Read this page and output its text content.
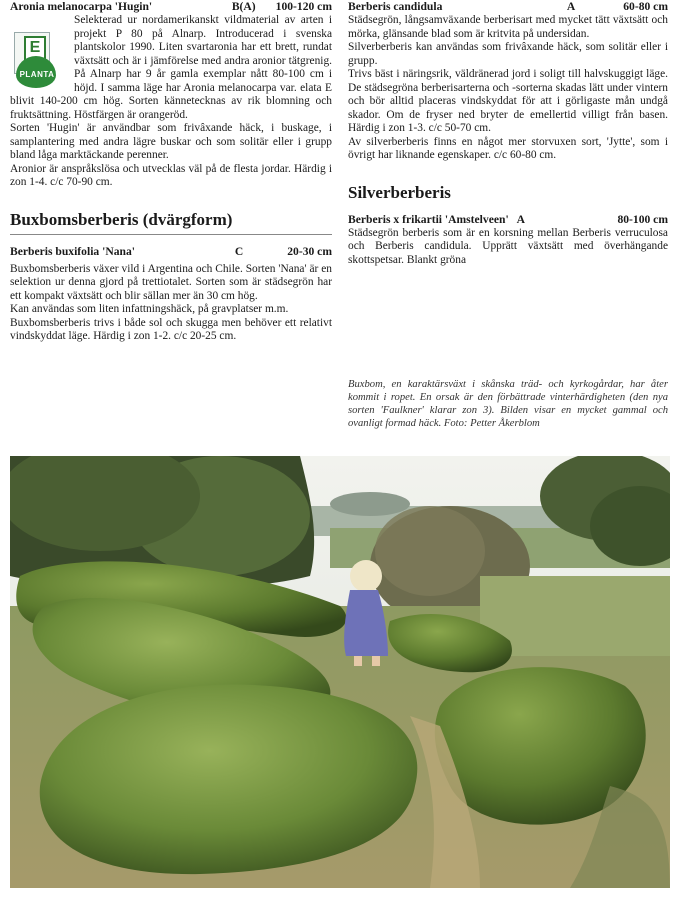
Aronia melanocarpa 'Hugin'	B(A) 100-120 cm
E
PLANTA

Selekterad ur nordamerikanskt vildmaterial av arten i projekt P 80 på Alnarp. Introducerad i svenska plantskolor 1990. Liten svartaronia har ett brett, rundat växtsätt och är i jämförelse med andra aronior tätgrenig. På Alnarp har 9 år gamla exemplar nått 80-100 cm i höjd. I samma läge har Aronia melanocarpa var. elata E blivit 140-200 cm hög. Sorten kännetecknas av rik blomning och fruktsättning. Höstfärgen är orangeröd.

Sorten 'Hugin' är användbar som frivâxande häck, i buskage, i samplantering med andra lägre buskar och som solitär eller i grupp bland låga marktäckande perenner.

Aronior är anspråkslösa och utvecklas väl på de flesta jordar. Härdig i zon 1-4. c/c 70-90 cm.

Buxbomsberberis (dvärgform)
Berberis buxifolia 'Nana'	C	20-30 cm

Buxbomsberberis växer vild i Argentina och Chile. Sorten 'Nana' är en selektion ur denna gjord på trettiotalet. Sorten som är städsegrön har ett kompakt växtsätt och blir sällan mer än 30 cm hög.

Kan användas som liten infattningshäck, på gravplatser m.m.

Buxbomsberberis trivs i både sol och skugga men behöver ett relativt vindskyddat läge. Härdig i zon 1-2. c/c 20-25 cm.

Berberis candidula	A	60-80 cm

Städsegrön, långsamväxande berberisart med mycket tätt växtsätt och mörka, glänsande blad som är kritvita på undersidan.

Silverberberis kan användas som frivâxande häck, som solitär eller i grupp.

Trivs bäst i näringsrik, väldränerad jord i soligt till halvskuggigt läge. De städsegröna berberisarterna och -sorterna skadas lätt under vintern och bör alltid placeras vindskyddat för att i görligaste mån undgå skador. Om de fryser ned bryter de emellertid villigt från basen. Härdig i zon 1-3. c/c 50-70 cm.

Av silverberberis finns en något mer storvuxen sort, 'Jytte', som i övrigt har liknande egenskaper. c/c 60-80 cm.

Silverberberis
Berberis x frikartii 'Amstelveen' A	80-100 cm

Städsegrön berberis som är en korsning mellan Berberis verruculosa och Berberis candidula. Upprätt växtsätt med överhängande skottspetsar. Blankt gröna

Buxbom, en karaktärsväxt i skånska träd- och kyrkogårdar, har åter kommit i ropet. En orsak är den förbättrade vinterhärdigheten (den nya sorten 'Faulkner' klarar zon 3). Bilden visar en mycket gammal och ovanligt formad häck. Foto: Petter Åkerblom
